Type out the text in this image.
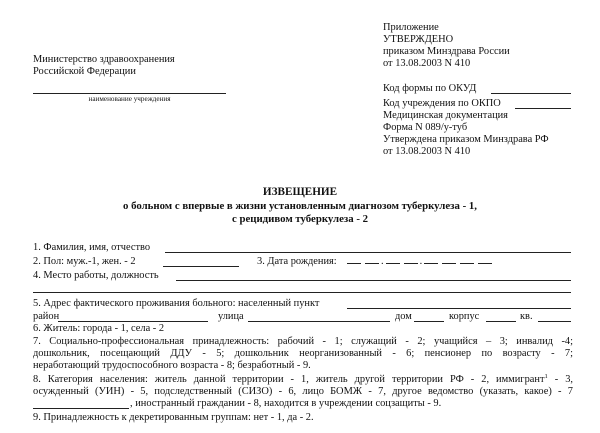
Приложение
УТВЕРЖДЕНО
приказом Минздрава России
от 13.08.2003 N 410
Министерство здравоохранения
Российской Федерации
наименование учреждения
Код формы по ОКУД
Код учреждения по ОКПО
Медицинская документация
Форма N 089/у-туб
Утверждена приказом Минздрава РФ
от 13.08.2003 N 410
ИЗВЕЩЕНИЕ
о больном с впервые в жизни установленным диагнозом туберкулеза - 1,
с рецидивом туберкулеза - 2
1. Фамилия, имя, отчество
2. Пол: муж.-1, жен. - 2	3. Дата рождения:	.	.
4. Место работы, должность
5. Адрес фактического проживания больного: населенный пункт
район	улица	дом	корпус	кв.
6. Житель: города - 1, села - 2
7. Социально-профессиональная принадлежность: рабочий - 1; служащий - 2; учащийся – 3; инвалид -4;
дошкольник, посещающий ДДУ - 5; дошкольник неорганизованный - 6; пенсионер по возрасту - 7;
неработающий трудоспособного возраста - 8; безработный - 9.
8. Категория населения: житель данной территории - 1, житель другой территории РФ - 2, иммигрант$^1$ - 3,
осужденный (УИН) - 5, подследственный (СИЗО) - 6, лицо БОМЖ - 7, другое ведомство (указать, какое) - 7
, иностранный граждании - 8, находится в учреждении соцзащиты - 9.
9. Принадлежность к декретированным группам: нет - 1, да - 2.
